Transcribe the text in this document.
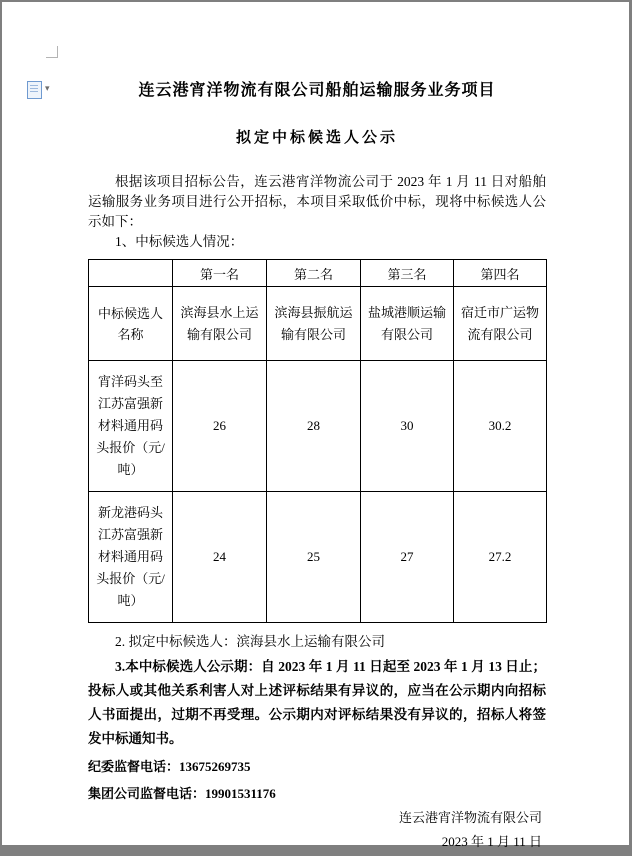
连云港宵洋物流有限公司船舶运输服务业务项目
拟定中标候选人公示

根据该项目招标公告，连云港宵洋物流公司于 2023 年 1 月 11 日对船舶运输服务业务项目进行公开招标，本项目采取低价中标，现将中标候选人公示如下：

1、中标候选人情况：

	第一名	第二名	第三名	第四名
中标候选人名称	滨海县水上运输有限公司	滨海县振航运输有限公司	盐城港顺运输有限公司	宿迁市广运物流有限公司
宵洋码头至江苏富强新材料通用码头报价（元/吨）	26	28	30	30.2
新龙港码头江苏富强新材料通用码头报价（元/吨）	24	25	27	27.2

2. 拟定中标候选人：滨海县水上运输有限公司

3.本中标候选人公示期：自 2023 年 1 月 11 日起至 2023 年 1 月 13 日止；投标人或其他关系利害人对上述评标结果有异议的，应当在公示期内向招标人书面提出，过期不再受理。公示期内对评标结果没有异议的，招标人将签发中标通知书。

纪委监督电话：13675269735

集团公司监督电话：19901531176

连云港宵洋物流有限公司

2023 年 1 月 11 日

▾
